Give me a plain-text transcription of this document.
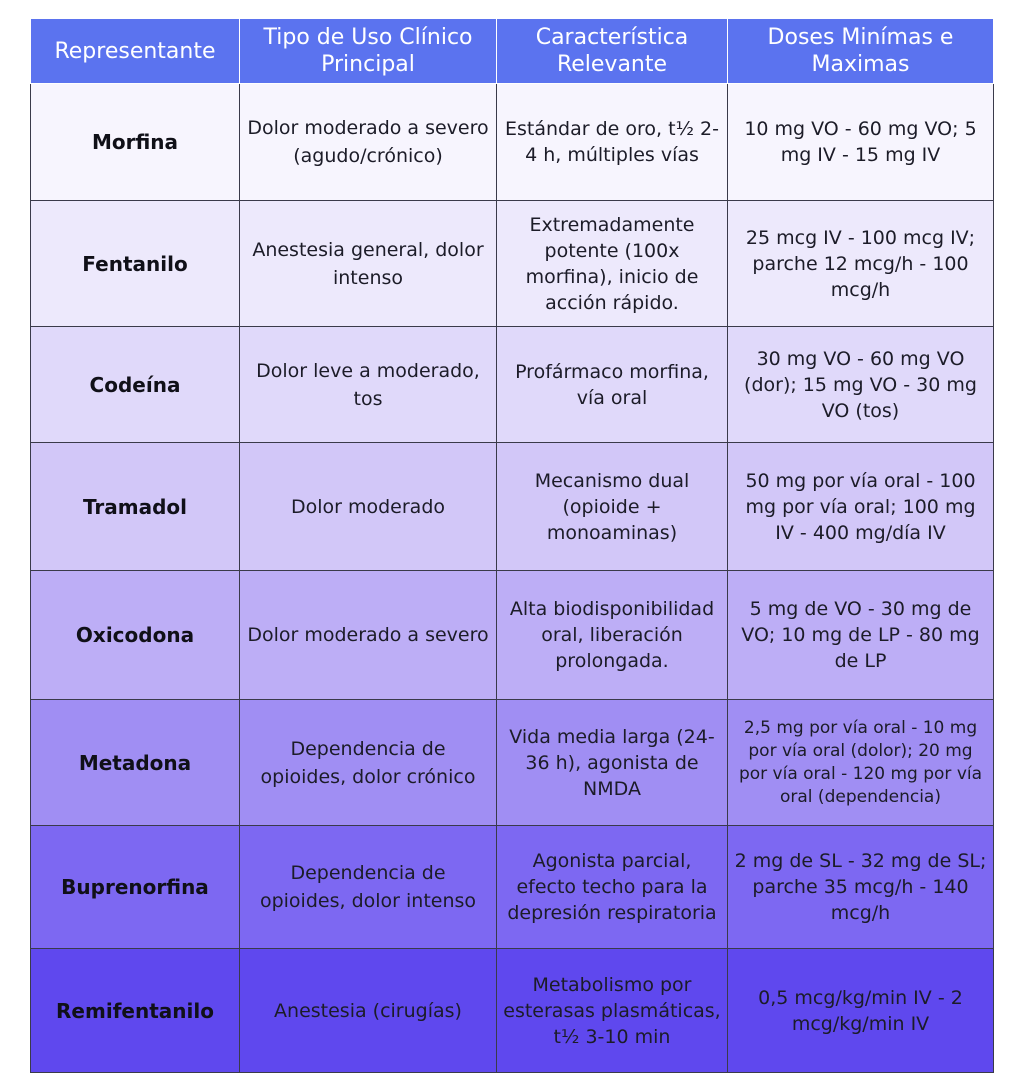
Representante	Tipo de Uso Clínico Principal	Característica Relevante	Doses Minímas e Maximas
Morfina	Dolor moderado a severo (agudo/crónico)	Estándar de oro, t½ 2-4 h, múltiples vías	10 mg VO - 60 mg VO; 5 mg IV - 15 mg IV
Fentanilo	Anestesia general, dolor intenso	Extremadamente potente (100x morfina), inicio de acción rápido.	25 mcg IV - 100 mcg IV; parche 12 mcg/h - 100 mcg/h
Codeína	Dolor leve a moderado, tos	Profármaco morfina, vía oral	30 mg VO - 60 mg VO (dor); 15 mg VO - 30 mg VO (tos)
Tramadol	Dolor moderado	Mecanismo dual (opioide + monoaminas)	50 mg por vía oral - 100 mg por vía oral; 100 mg IV - 400 mg/día IV
Oxicodona	Dolor moderado a severo	Alta biodisponibilidad oral, liberación prolongada.	5 mg de VO - 30 mg de VO; 10 mg de LP - 80 mg de LP
Metadona	Dependencia de opioides, dolor crónico	Vida media larga (24-36 h), agonista de NMDA	2,5 mg por vía oral - 10 mg por vía oral (dolor); 20 mg por vía oral - 120 mg por vía oral (dependencia)
Buprenorfina	Dependencia de opioides, dolor intenso	Agonista parcial, efecto techo para la depresión respiratoria	2 mg de SL - 32 mg de SL; parche 35 mcg/h - 140 mcg/h
Remifentanilo	Anestesia (cirugías)	Metabolismo por esterasas plasmáticas, t½ 3-10 min	0,5 mcg/kg/min IV - 2 mcg/kg/min IV
